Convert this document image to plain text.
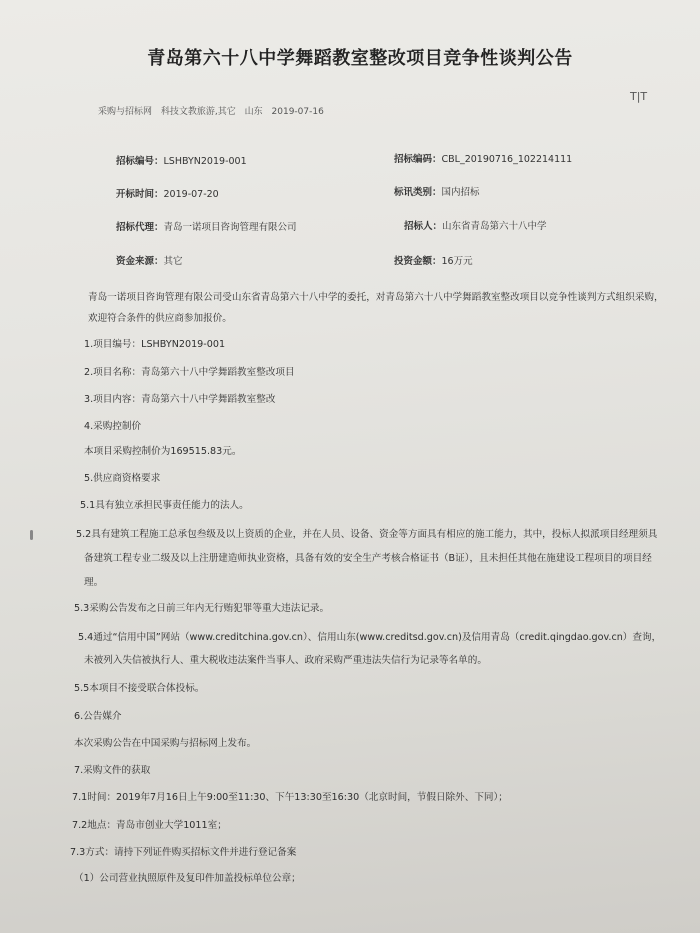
青岛第六十八中学舞蹈教室整改项目竞争性谈判公告
T|T
采购与招标网 科技文教旅游,其它 山东 2019-07-16
招标编号：LSHBYN2019-001	招标编码：CBL_20190716_102214111
开标时间：2019-07-20	标讯类别：国内招标
招标代理：青岛一诺项目咨询管理有限公司	招标人：山东省青岛第六十八中学
资金来源：其它	投资金额：16万元

青岛一诺项目咨询管理有限公司受山东省青岛第六十八中学的委托，对青岛第六十八中学舞蹈教室整改项目以竞争性谈判方式组织采购，

欢迎符合条件的供应商参加报价。

1.项目编号：LSHBYN2019-001

2.项目名称：青岛第六十八中学舞蹈教室整改项目

3.项目内容：青岛第六十八中学舞蹈教室整改

4.采购控制价

本项目采购控制价为169515.83元。

5.供应商资格要求

5.1具有独立承担民事责任能力的法人。

5.2具有建筑工程施工总承包叁级及以上资质的企业，并在人员、设备、资金等方面具有相应的施工能力，其中，投标人拟派项目经理须具

备建筑工程专业二级及以上注册建造师执业资格，具备有效的安全生产考核合格证书（B证），且未担任其他在施建设工程项目的项目经

理。

5.3采购公告发布之日前三年内无行贿犯罪等重大违法记录。

5.4通过“信用中国”网站（www.creditchina.gov.cn）、信用山东(www.creditsd.gov.cn)及信用青岛（credit.qingdao.gov.cn）查询，

未被列入失信被执行人、重大税收违法案件当事人、政府采购严重违法失信行为记录等名单的。

5.5本项目不接受联合体投标。

6.公告媒介

本次采购公告在中国采购与招标网上发布。

7.采购文件的获取

7.1时间：2019年7月16日上午9:00至11:30、下午13:30至16:30（北京时间，节假日除外、下同）；

7.2地点：青岛市创业大学1011室；

7.3方式：请持下列证件购买招标文件并进行登记备案

（1）公司营业执照原件及复印件加盖投标单位公章；
